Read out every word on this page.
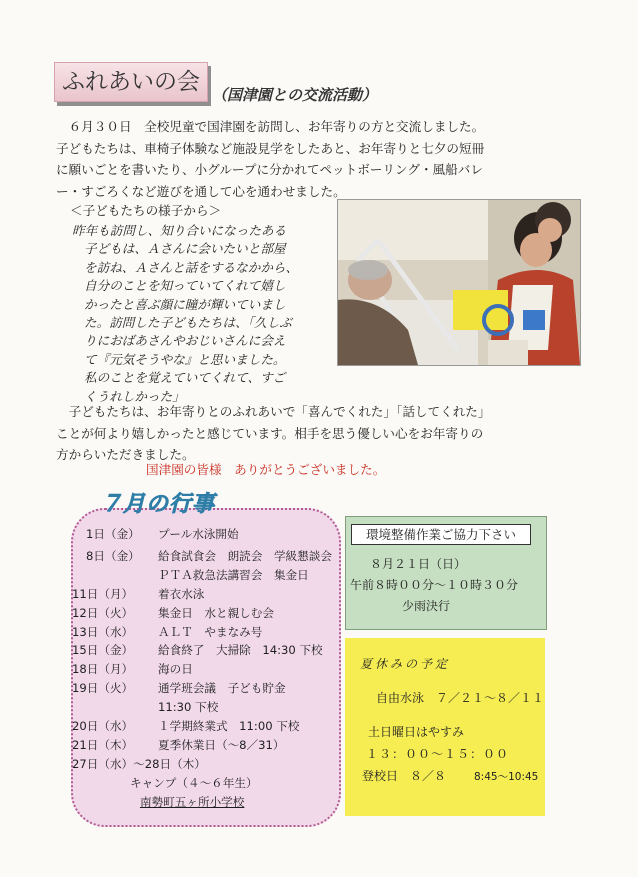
ふれあいの会 （国津園との交流活動）
　６月３０日　全校児童で国津園を訪問し、お年寄りの方と交流しました。
子どもたちは、車椅子体験など施設見学をしたあと、お年寄りと七夕の短冊
に願いごとを書いたり、小グループに分かれてペットボーリング・風船バレ
ー・すごろくなど遊びを通して心を通わせました。
＜子どもたちの様子から＞
昨年も訪問し、知り合いになったある
子どもは、Ａさんに会いたいと部屋
を訪ね、Ａさんと話をするなかから、
自分のことを知っていてくれて嬉し
かったと喜ぶ顔に瞳が輝いていまし
た。訪問した子どもたちは、「久しぶ
りにおばあさんやおじいさんに会え
て『元気そうやな』と思いました。
私のことを覚えていてくれて、すご
くうれしかった」
　子どもたちは、お年寄りとのふれあいで「喜んでくれた」「話してくれた」
ことが何より嬉しかったと感じています。相手を思う優しい心をお年寄りの
方からいただきました。
国津園の皆様　ありがとうございました。
７月の行事
1日（金） プール水泳開始
8日（金） 給食試食会　朗読会　学級懇談会
ＰＴＡ救急法講習会　集金日
11日（月） 着衣水泳
12日（火） 集金日　水と親しむ会
13日（水） ＡＬＴ　やまなみ号
15日（金） 給食終了　大掃除　14:30 下校
18日（月） 海の日
19日（火） 通学班会議　子ども貯金
11:30 下校
20日（水） １学期終業式　11:00 下校
21日（木） 夏季休業日（～8／31）
27日（水）～28日（木）
キャンプ（４～６年生）
南勢町五ヶ所小学校
環境整備作業ご協力下さい
８月２１日（日）
午前８時００分～１０時３０分
少雨決行
夏休みの予定
自由水泳　７／２１～８／１１
土日曜日はやすみ
１３：００～１５：００
登校日　８／８	8:45～10:45
